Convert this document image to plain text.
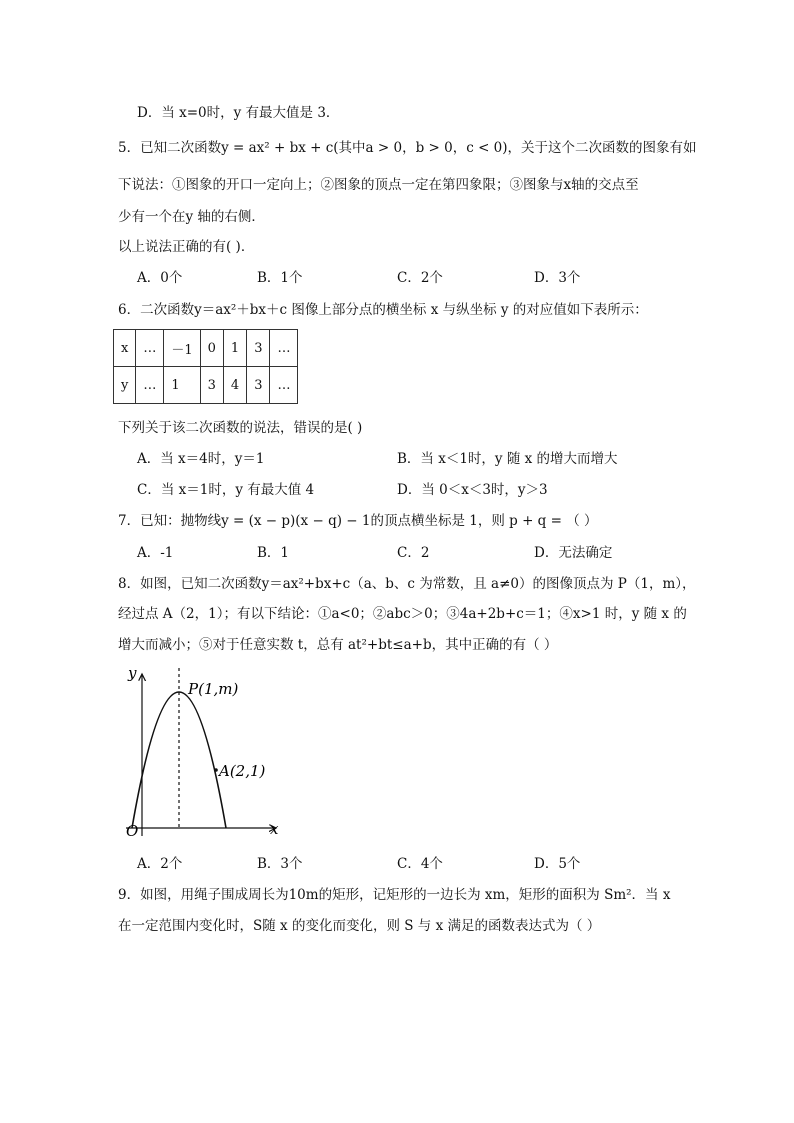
D．当 x=0时，y 有最大值是 3．
5．已知二次函数y = ax² + bx + c(其中a > 0，b > 0，c < 0)，关于这个二次函数的图象有如
下说法：①图象的开口一定向上；②图象的顶点一定在第四象限；③图象与x轴的交点至
少有一个在y 轴的右侧．
以上说法正确的有( )．
A．0个	B．1个	C．2个	D．3个
6．二次函数y＝ax²＋bx＋c 图像上部分点的横坐标 x 与纵坐标 y 的对应值如下表所示：
x	…	－1	0	1	3	…
y	…	1	3	4	3	…
下列关于该二次函数的说法，错误的是( )
A．当 x＝4时，y＝1	B．当 x＜1时，y 随 x 的增大而增大
C．当 x＝1时，y 有最大值 4	D．当 0＜x＜3时，y＞3
7．已知：抛物线y = (x − p)(x − q) − 1的顶点横坐标是 1，则 p + q = （ ）
A．-1	B．1	C．2	D．无法确定
8．如图，已知二次函数y＝ax²+bx+c（a、b、c 为常数，且 a≠0）的图像顶点为 P（1，m），
经过点 A（2，1）；有以下结论：①a<0；②abc＞0；③4a+2b+c＝1；④x>1 时，y 随 x 的
增大而减小；⑤对于任意实数 t，总有 at²+bt≤a+b，其中正确的有（ ）
y
x
O
P(1,m)
A(2,1)
A．2个	B．3个	C．4个	D．5个
9．如图，用绳子围成周长为10m的矩形，记矩形的一边长为 xm，矩形的面积为 Sm²．当 x
在一定范围内变化时，S随 x 的变化而变化，则 S 与 x 满足的函数表达式为（ ）
